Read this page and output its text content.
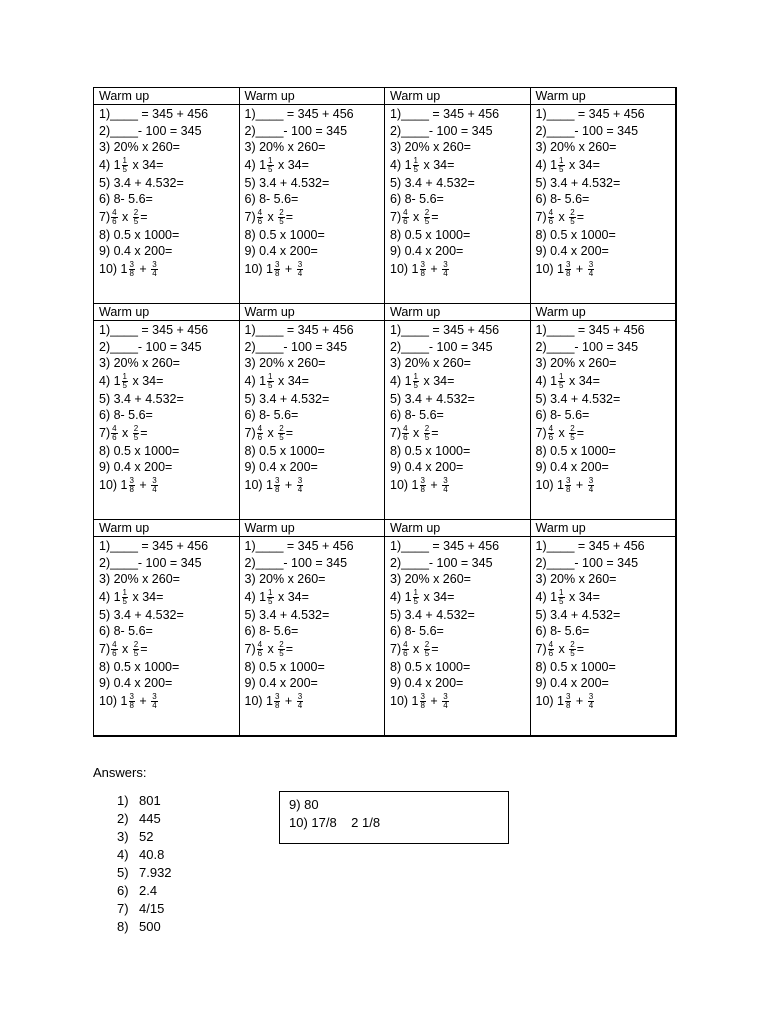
Warm up
1)____ = 345 + 456
2)____- 100 = 345
3) 20% x 260=
4) $1 \frac{1}{5}$ x 34=
5) 3.4 + 4.532=
6) 8- 5.6=
$7) \frac{4}{6}$ x $\frac{2}{5}$ =
8) 0.5 x 1000=
9) 0.4 x 200=
10) $1 \frac{3}{8} + \frac{3}{4}$
Warm up
1)____ = 345 + 456
2)____- 100 = 345
3) 20% x 260=
4) $1 \frac{1}{5}$ x 34=
5) 3.4 + 4.532=
6) 8- 5.6=
$7) \frac{4}{6}$ x $\frac{2}{5}$ =
8) 0.5 x 1000=
9) 0.4 x 200=
10) $1 \frac{3}{8} + \frac{3}{4}$
Warm up
1)____ = 345 + 456
2)____- 100 = 345
3) 20% x 260=
4) $1 \frac{1}{5}$ x 34=
5) 3.4 + 4.532=
6) 8- 5.6=
$7) \frac{4}{6}$ x $\frac{2}{5}$ =
8) 0.5 x 1000=
9) 0.4 x 200=
10) $1 \frac{3}{8} + \frac{3}{4}$
Warm up
1)____ = 345 + 456
2)____- 100 = 345
3) 20% x 260=
4) $1 \frac{1}{5}$ x 34=
5) 3.4 + 4.532=
6) 8- 5.6=
$7) \frac{4}{6}$ x $\frac{2}{5}$ =
8) 0.5 x 1000=
9) 0.4 x 200=
10) $1 \frac{3}{8} + \frac{3}{4}$
Warm up
1)____ = 345 + 456
2)____- 100 = 345
3) 20% x 260=
4) $1 \frac{1}{5}$ x 34=
5) 3.4 + 4.532=
6) 8- 5.6=
$7) \frac{4}{6}$ x $\frac{2}{5}$ =
8) 0.5 x 1000=
9) 0.4 x 200=
10) $1 \frac{3}{8} + \frac{3}{4}$
Warm up
1)____ = 345 + 456
2)____- 100 = 345
3) 20% x 260=
4) $1 \frac{1}{5}$ x 34=
5) 3.4 + 4.532=
6) 8- 5.6=
$7) \frac{4}{6}$ x $\frac{2}{5}$ =
8) 0.5 x 1000=
9) 0.4 x 200=
10) $1 \frac{3}{8} + \frac{3}{4}$
Warm up
1)____ = 345 + 456
2)____- 100 = 345
3) 20% x 260=
4) $1 \frac{1}{5}$ x 34=
5) 3.4 + 4.532=
6) 8- 5.6=
$7) \frac{4}{6}$ x $\frac{2}{5}$ =
8) 0.5 x 1000=
9) 0.4 x 200=
10) $1 \frac{3}{8} + \frac{3}{4}$
Warm up
1)____ = 345 + 456
2)____- 100 = 345
3) 20% x 260=
4) $1 \frac{1}{5}$ x 34=
5) 3.4 + 4.532=
6) 8- 5.6=
$7) \frac{4}{6}$ x $\frac{2}{5}$ =
8) 0.5 x 1000=
9) 0.4 x 200=
10) $1 \frac{3}{8} + \frac{3}{4}$
Warm up
1)____ = 345 + 456
2)____- 100 = 345
3) 20% x 260=
4) $1 \frac{1}{5}$ x 34=
5) 3.4 + 4.532=
6) 8- 5.6=
$7) \frac{4}{6}$ x $\frac{2}{5}$ =
8) 0.5 x 1000=
9) 0.4 x 200=
10) $1 \frac{3}{8} + \frac{3}{4}$
Warm up
1)____ = 345 + 456
2)____- 100 = 345
3) 20% x 260=
4) $1 \frac{1}{5}$ x 34=
5) 3.4 + 4.532=
6) 8- 5.6=
$7) \frac{4}{6}$ x $\frac{2}{5}$ =
8) 0.5 x 1000=
9) 0.4 x 200=
10) $1 \frac{3}{8} + \frac{3}{4}$
Warm up
1)____ = 345 + 456
2)____- 100 = 345
3) 20% x 260=
4) $1 \frac{1}{5}$ x 34=
5) 3.4 + 4.532=
6) 8- 5.6=
$7) \frac{4}{6}$ x $\frac{2}{5}$ =
8) 0.5 x 1000=
9) 0.4 x 200=
10) $1 \frac{3}{8} + \frac{3}{4}$
Warm up
1)____ = 345 + 456
2)____- 100 = 345
3) 20% x 260=
4) $1 \frac{1}{5}$ x 34=
5) 3.4 + 4.532=
6) 8- 5.6=
$7) \frac{4}{6}$ x $\frac{2}{5}$ =
8) 0.5 x 1000=
9) 0.4 x 200=
10) $1 \frac{3}{8} + \frac{3}{4}$
Answers:
1) 801
2) 445
3) 52
4) 40.8
5) 7.932
6) 2.4
7) 4/15
8) 500
9) 80
10) 17/8    2 1/8
